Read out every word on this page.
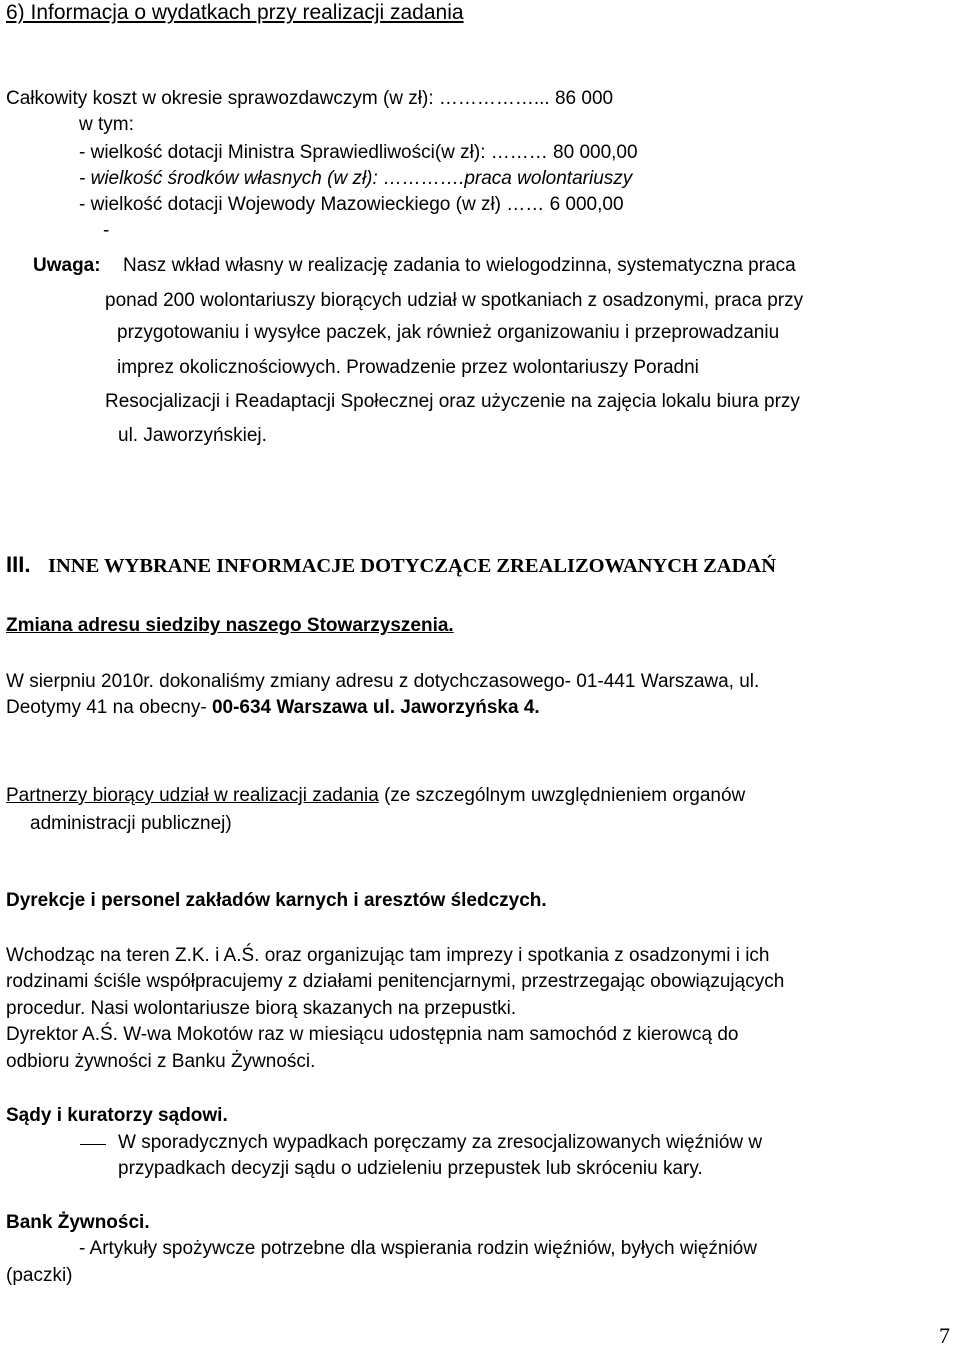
6) Informacja o wydatkach przy realizacji zadania
Całkowity koszt w okresie sprawozdawczym (w zł): ……………... 86 000
w tym:
- wielkość dotacji Ministra Sprawiedliwości(w zł): ……… 80 000,00
- wielkość środków własnych (w zł): ………….praca wolontariuszy
- wielkość dotacji Wojewody Mazowieckiego (w zł) …… 6 000,00
-
Uwaga: Nasz wkład własny w realizację zadania to wielogodzinna, systematyczna praca
ponad 200 wolontariuszy biorących udział w spotkaniach z osadzonymi, praca przy
przygotowaniu i wysyłce paczek, jak również organizowaniu i przeprowadzaniu
imprez okolicznościowych. Prowadzenie przez wolontariuszy Poradni
Resocjalizacji i Readaptacji Społecznej oraz użyczenie na zajęcia lokalu biura przy
ul. Jaworzyńskiej.
III. INNE WYBRANE INFORMACJE DOTYCZĄCE ZREALIZOWANYCH ZADAŃ
Zmiana adresu siedziby naszego Stowarzyszenia.
W sierpniu 2010r. dokonaliśmy zmiany adresu z dotychczasowego- 01-441 Warszawa, ul.
Deotymy 41 na obecny- 00-634 Warszawa ul. Jaworzyńska 4.
Partnerzy biorący udział w realizacji zadania (ze szczególnym uwzględnieniem organów
administracji publicznej)
Dyrekcje i personel zakładów karnych i aresztów śledczych.
Wchodząc na teren Z.K. i A.Ś. oraz organizując tam imprezy i spotkania z osadzonymi i ich
rodzinami ściśle współpracujemy z działami penitencjarnymi, przestrzegając obowiązujących
procedur. Nasi wolontariusze biorą skazanych na przepustki.
Dyrektor A.Ś. W-wa Mokotów raz w miesiącu udostępnia nam samochód z kierowcą do
odbioru żywności z Banku Żywności.
Sądy i kuratorzy sądowi.
W sporadycznych wypadkach poręczamy za zresocjalizowanych więźniów w
przypadkach decyzji sądu o udzieleniu przepustek lub skróceniu kary.
Bank Żywności.
- Artykuły spożywcze potrzebne dla wspierania rodzin więźniów, byłych więźniów
(paczki)
7
